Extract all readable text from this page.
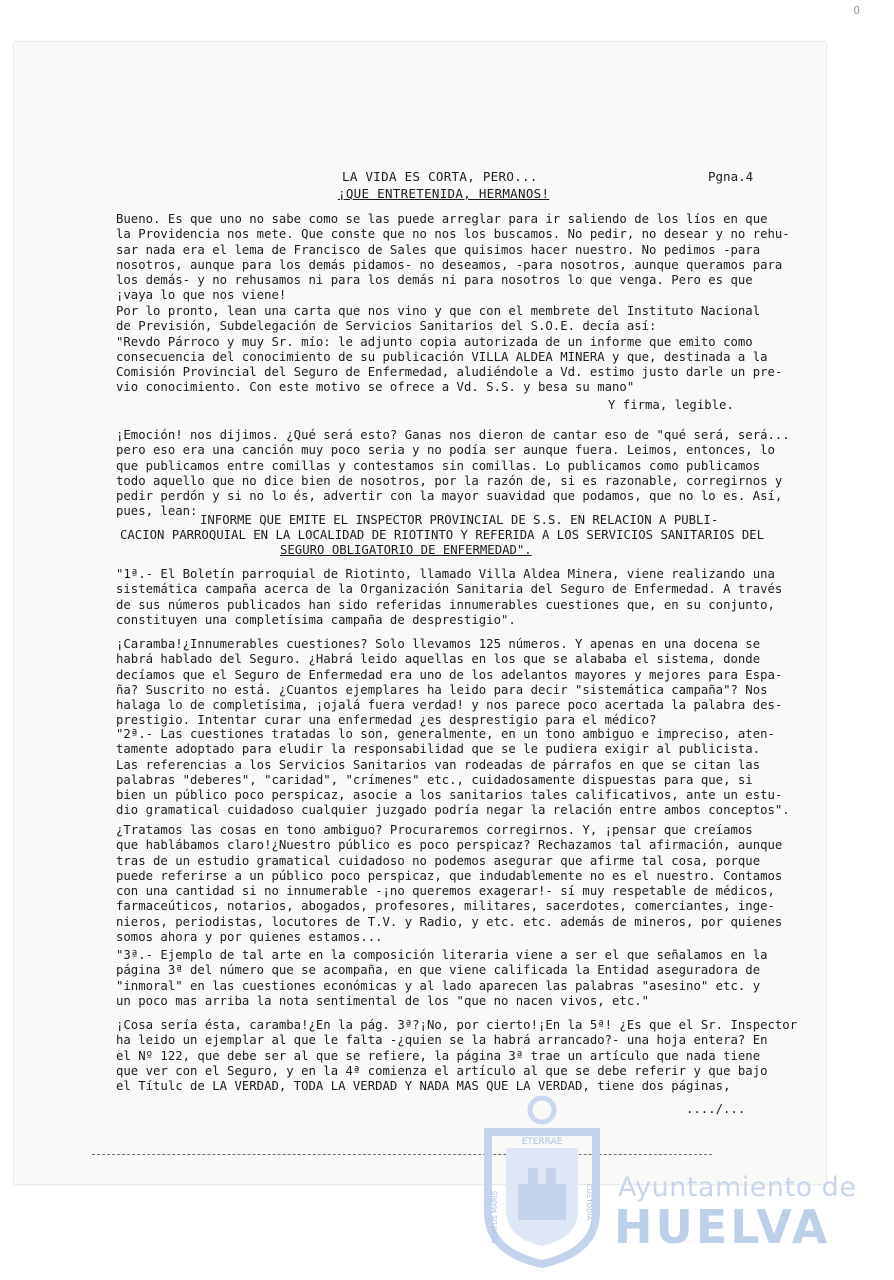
O
LA VIDA ES CORTA, PERO...
¡QUE ENTRETENIDA, HERMANOS!
Pgna.4
Bueno. Es que uno no sabe como se las puede arreglar para ir saliendo de los líos en que
la Providencia nos mete. Que conste que no nos los buscamos. No pedir, no desear y no rehu-
sar nada era el lema de Francisco de Sales que quisimos hacer nuestro. No pedimos -para
nosotros, aunque para los demás pidamos- no deseamos, -para nosotros, aunque queramos para
los demás- y no rehusamos ni para los demás ni para nosotros lo que venga. Pero es que
¡vaya lo que nos viene!
Por lo pronto, lean una carta que nos vino y que con el membrete del Instituto Nacional
de Previsión, Subdelegación de Servicios Sanitarios del S.O.E. decía así:
"Revdo Párroco y muy Sr. mío: le adjunto copia autorizada de un informe que emito como
consecuencia del conocimiento de su publicación VILLA ALDEA MINERA y que, destinada a la
Comisión Provincial del Seguro de Enfermedad, aludiéndole a Vd. estimo justo darle un pre-
vio conocimiento. Con este motivo se ofrece a Vd. S.S. y besa su mano"
Y firma, legible.
¡Emoción! nos dijimos. ¿Qué será esto? Ganas nos dieron de cantar eso de "qué será, será...
pero eso era una canción muy poco seria y no podía ser aunque fuera. Leimos, entonces, lo
que publicamos entre comillas y contestamos sin comillas. Lo publicamos como publicamos
todo aquello que no dice bien de nosotros, por la razón de, si es razonable, corregirnos y
pedir perdón y si no lo és, advertir con la mayor suavidad que podamos, que no lo es. Así,
pues, lean:
INFORME QUE EMITE EL INSPECTOR PROVINCIAL DE S.S. EN RELACION A PUBLI-
CACION PARROQUIAL EN LA LOCALIDAD DE RIOTINTO Y REFERIDA A LOS SERVICIOS SANITARIOS DEL
SEGURO OBLIGATORIO DE ENFERMEDAD".
"1ª.- El Boletín parroquial de Riotinto, llamado Villa Aldea Minera, viene realizando una
sistemática campaña acerca de la Organización Sanitaria del Seguro de Enfermedad. A través
de sus números publicados han sido referidas innumerables cuestiones que, en su conjunto,
constituyen una completísima campaña de desprestigio".
¡Caramba!¿Innumerables cuestiones? Solo llevamos 125 números. Y apenas en una docena se
habrá hablado del Seguro. ¿Habrá leido aquellas en los que se alababa el sistema, donde
decíamos que el Seguro de Enfermedad era uno de los adelantos mayores y mejores para Espa-
ña? Suscrito no está. ¿Cuantos ejemplares ha leido para decir "sistemática campaña"? Nos
halaga lo de completísima, ¡ojalá fuera verdad! y nos parece poco acertada la palabra des-
prestigio. Intentar curar una enfermedad ¿es desprestigio para el médico?
"2ª.- Las cuestiones tratadas lo son, generalmente, en un tono ambiguo e impreciso, aten-
tamente adoptado para eludir la responsabilidad que se le pudiera exigir al publicista.
Las referencias a los Servicios Sanitarios van rodeadas de párrafos en que se citan las
palabras "deberes", "caridad", "crímenes" etc., cuidadosamente dispuestas para que, si
bien un público poco perspicaz, asocie a los sanitarios tales calificativos, ante un estu-
dio gramatical cuidadoso cualquier juzgado podría negar la relación entre ambos conceptos".
¿Tratamos las cosas en tono ambiguo? Procuraremos corregirnos. Y, ¡pensar que creíamos
que hablábamos claro!¿Nuestro público es poco perspicaz? Rechazamos tal afirmación, aunque
tras de un estudio gramatical cuidadoso no podemos asegurar que afirme tal cosa, porque
puede referirse a un público poco perspicaz, que indudablemente no es el nuestro. Contamos
con una cantidad si no innumerable -¡no queremos exagerar!- sí muy respetable de médicos,
farmaceúticos, notarios, abogados, profesores, militares, sacerdotes, comerciantes, inge-
nieros, periodistas, locutores de T.V. y Radio, y etc. etc. además de mineros, por quienes
somos ahora y por quienes estamos...
"3ª.- Ejemplo de tal arte en la composición literaria viene a ser el que señalamos en la
página 3ª del número que se acompaña, en que viene calificada la Entidad aseguradora de
"inmoral" en las cuestiones económicas y al lado aparecen las palabras "asesino" etc. y
un poco mas arriba la nota sentimental de los "que no nacen vivos, etc."
¡Cosa sería ésta, caramba!¿En la pág. 3ª?¡No, por cierto!¡En la 5ª! ¿Es que el Sr. Inspector
ha leido un ejemplar al que le falta -¿quien se la habrá arrancado?- una hoja entera? En
el Nº 122, que debe ser al que se refiere, la página 3ª trae un artículo que nada tiene
que ver con el Seguro, y en la 4ª comienza el artículo al que se debe referir y que bajo
el Títulc de LA VERDAD, TODA LA VERDAD Y NADA MAS QUE LA VERDAD, tiene dos páginas,
..../...
ETERRAE
PORTUS MARIS	CUSTODIA Ayuntamiento de
HUELVA
